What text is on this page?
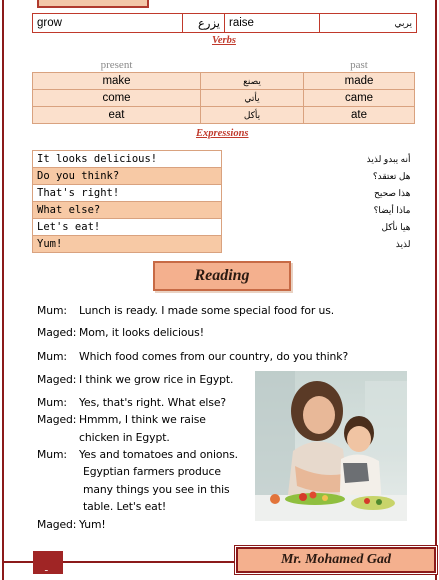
grow	يزرع raise	يربي
Verbs
present		past
make	يصنع	made
come	يأتي	came
eat	يأكل	ate
Expressions
It looks delicious!		أنه يبدو لذيذ
Do you think?		هل تعتقد؟
That's right!		هذا صحيح
What else?		ماذا أيضا؟
Let's eat!		هيا نأكل
Yum!		لذيذ
Reading
Mum: Lunch is ready. I made some special food for us.
Maged: Mom, it looks delicious!
Mum: Which food comes from our country, do you think?
Maged: I think we grow rice in Egypt.
Mum: Yes, that's right. What else?
Maged: Hmmm, I think we raise
chicken in Egypt.
Mum: Yes and tomatoes and onions.
Egyptian farmers produce
many things you see in this
table. Let's eat!
Maged: Yum!
ـ
Mr. Mohamed Gad
